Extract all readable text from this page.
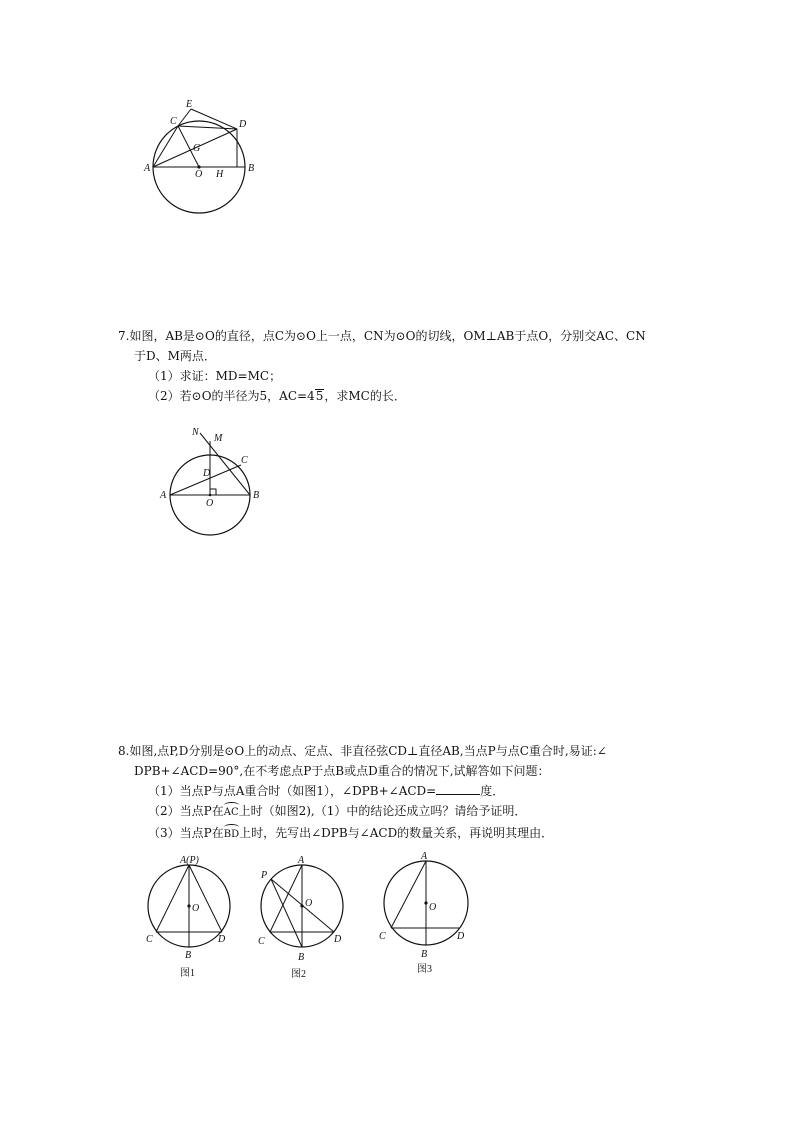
A	B
C	D
E
G
O H

7.如图，AB是⊙O的直径，点C为⊙O上一点，CN为⊙O的切线，OM⊥AB于点O，分别交AC、CN

于D、M两点．

（1）求证：MD=MC；

（2）若⊙O的半径为5，AC=45，求MC的长．

N
M
C
D
A
O
B

8.如图,点P,D分别是⊙O上的动点、定点、非直径弦CD⊥直径AB,当点P与点C重合时,易证:∠

DPB+∠ACD=90°,在不考虑点P于点B或点D重合的情况下,试解答如下问题：

（1）当点P与点A重合时（如图1），∠DPB+∠ACD=	度．

（2）当点P在AC上时（如图2),（1）中的结论还成立吗？请给予证明．

（3）当点P在BD上时，先写出∠DPB与∠ACD的数量关系，再说明其理由．

A(P)
O
C	D
B
图1
P
A
O
C	D
B
图2
A
O
C	D
B
图3
